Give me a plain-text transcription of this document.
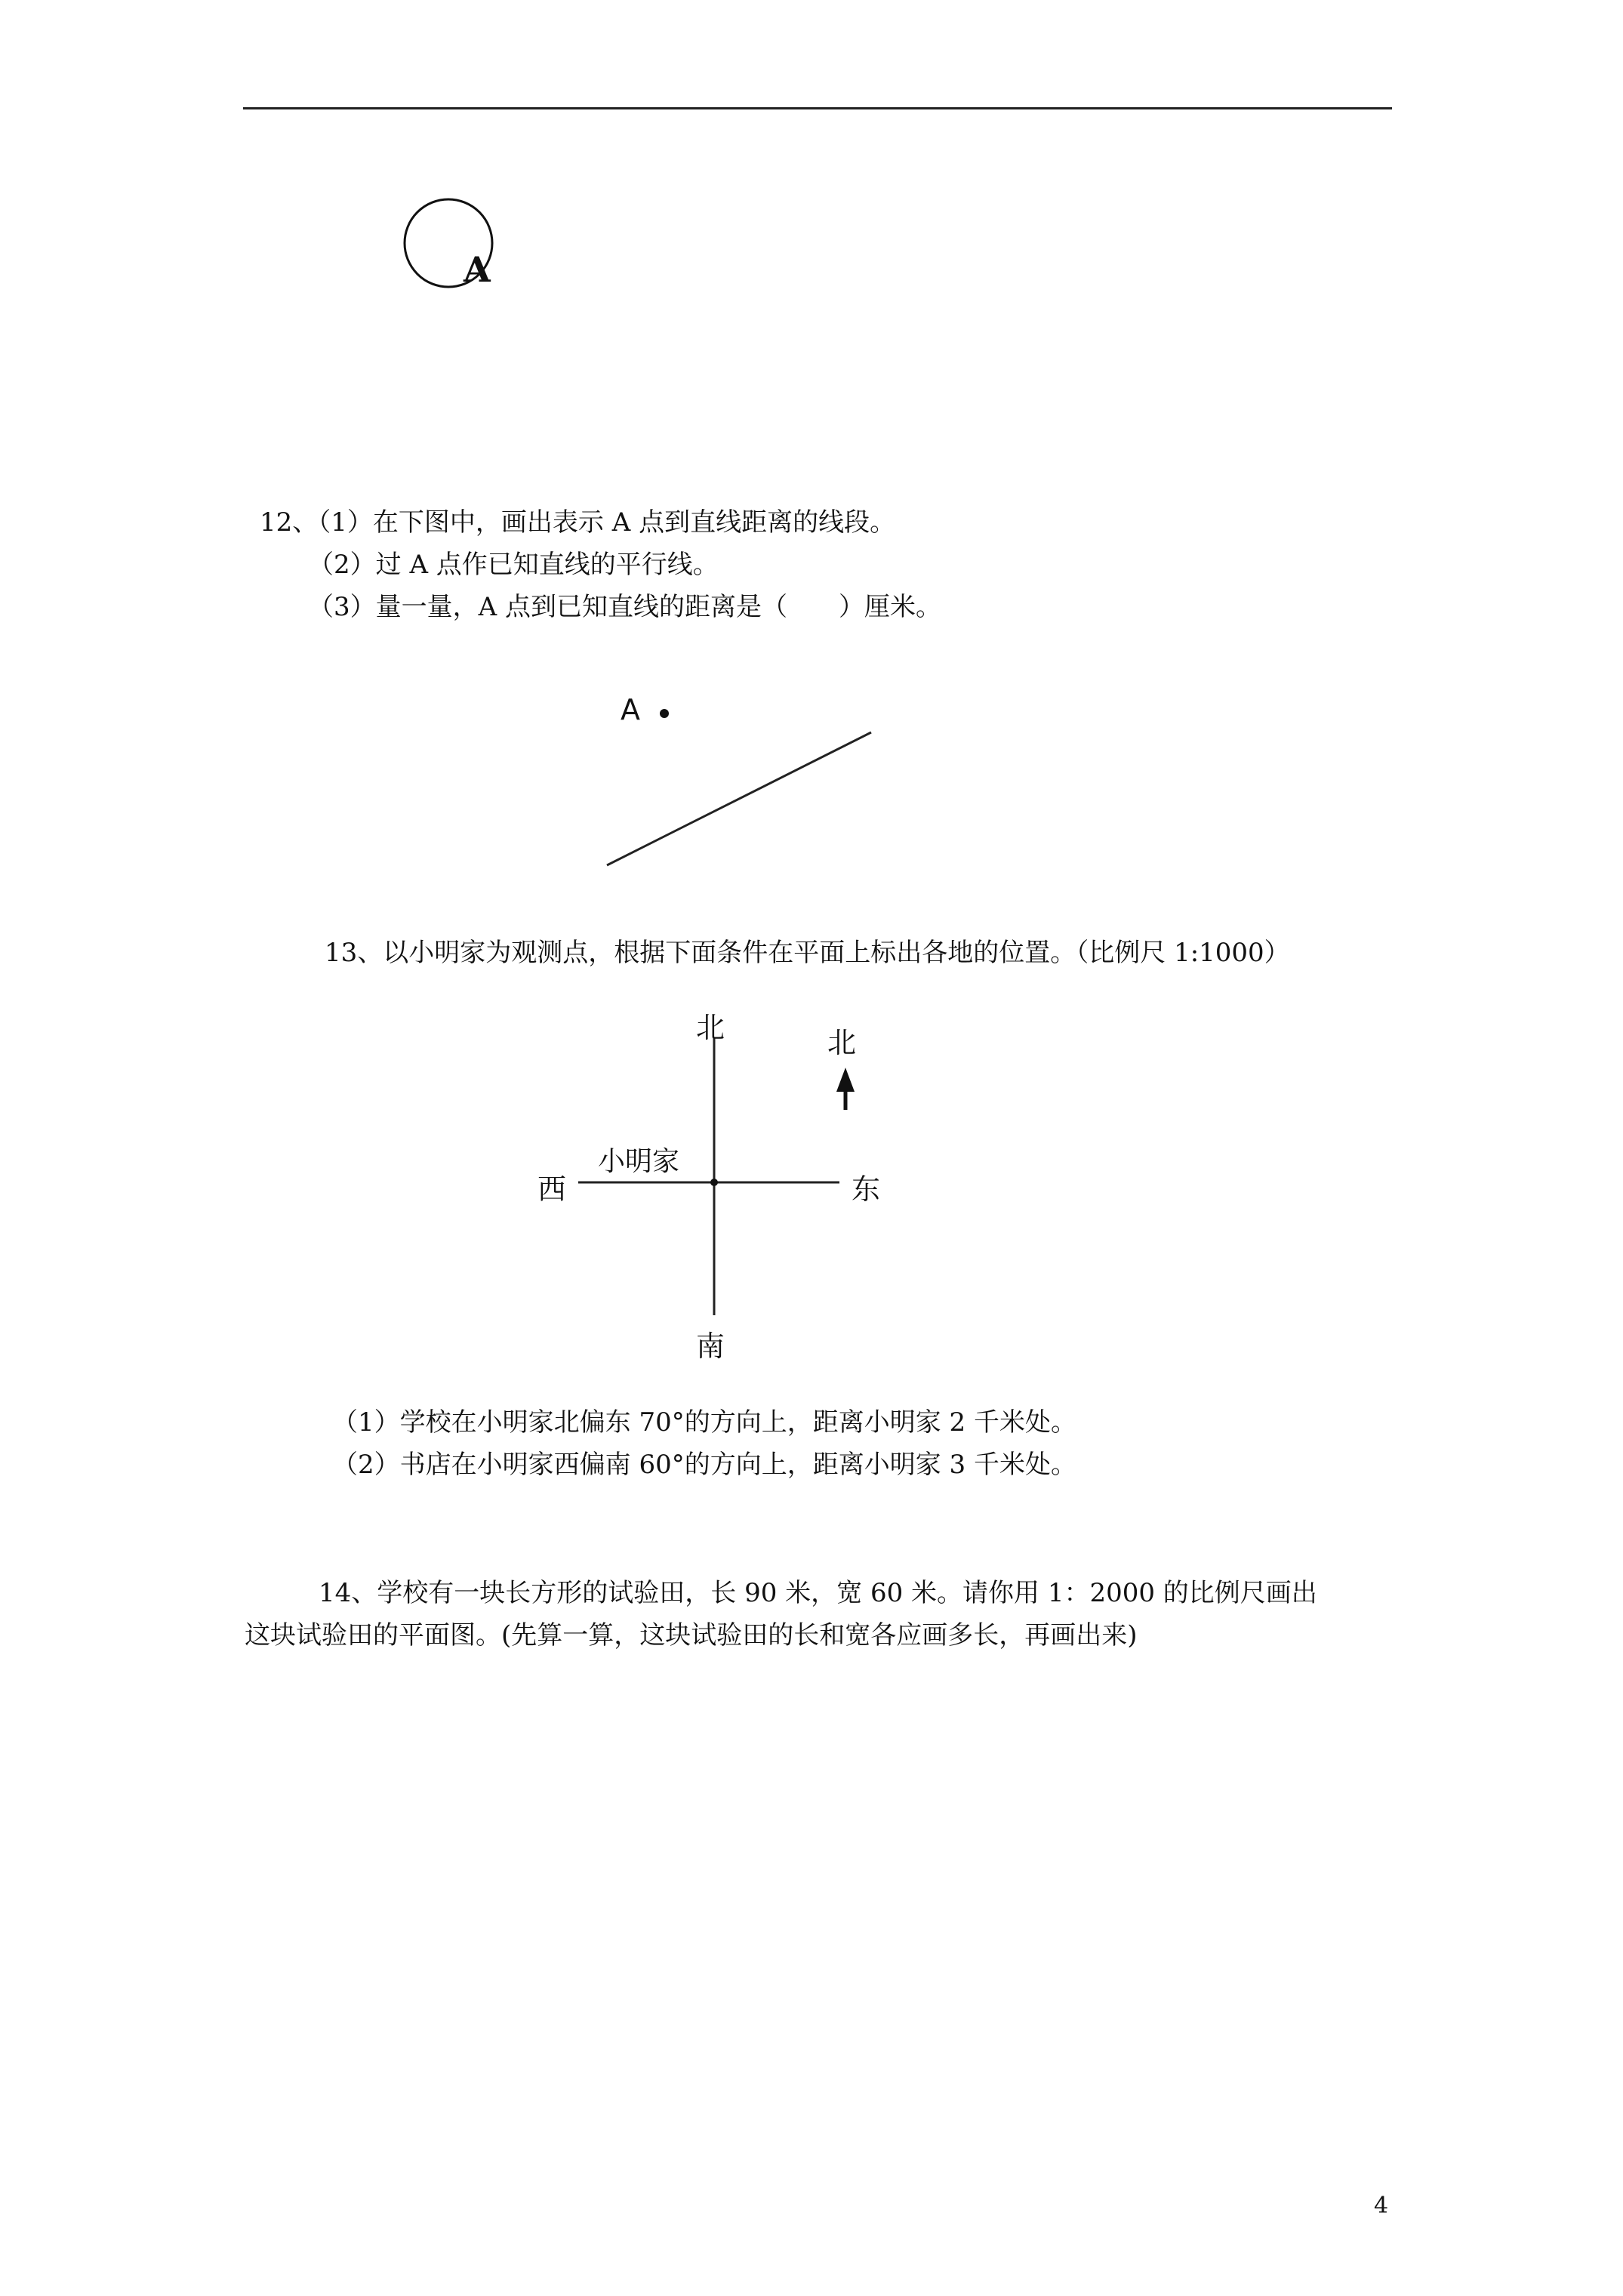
A
12、（1）在下图中，画出表示 A 点到直线距离的线段。
（2）过 A 点作已知直线的平行线。
（3）量一量，A 点到已知直线的距离是（　　）厘米。
A
13、以小明家为观测点，根据下面条件在平面上标出各地的位置。（比例尺 1:1000）
北	北
小明家
西	东
南
（1）学校在小明家北偏东 70°的方向上，距离小明家 2 千米处。
（2）书店在小明家西偏南 60°的方向上，距离小明家 3 千米处。
14、学校有一块长方形的试验田，长 90 米，宽 60 米。请你用 1：2000 的比例尺画出
这块试验田的平面图。(先算一算，这块试验田的长和宽各应画多长，再画出来)
4
